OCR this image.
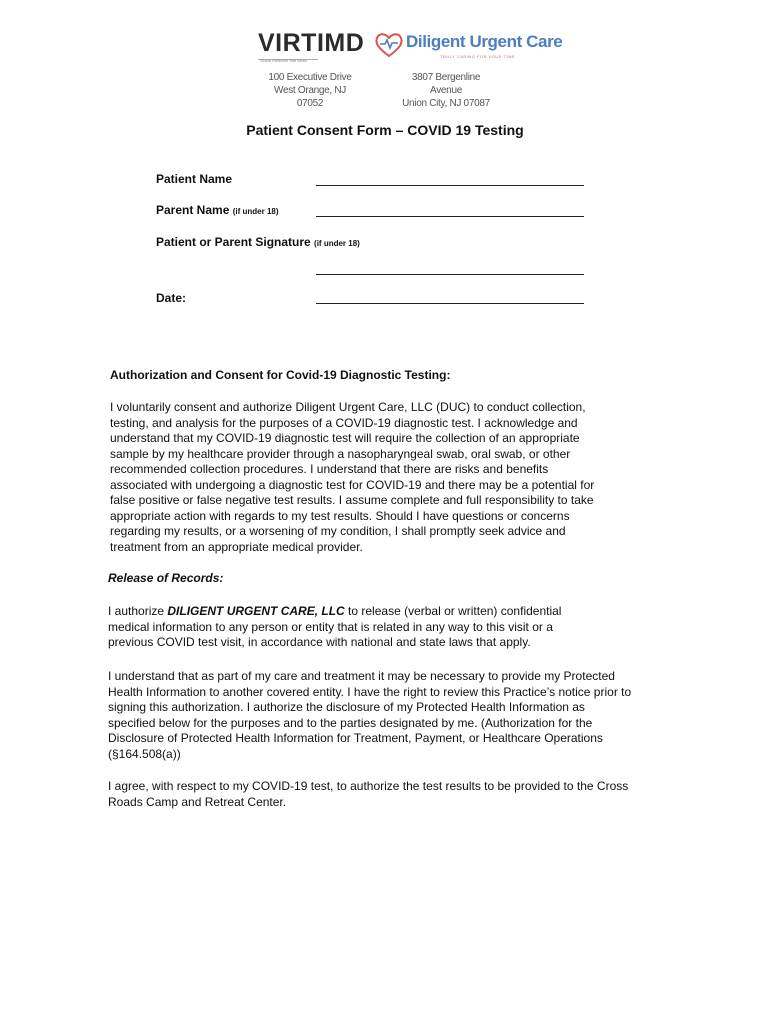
VIRTIMD
Virtual medicine that cares
100 Executive Drive
West Orange, NJ 07052
Diligent Urgent Care
TRULY CARING FOR YOUR TIME
3807 Bergenline Avenue
Union City, NJ 07087
Patient Consent Form – COVID 19 Testing
Patient Name
Parent Name (if under 18)
Patient or Parent Signature (if under 18)
Date:
Authorization and Consent for Covid-19 Diagnostic Testing:
I voluntarily consent and authorize Diligent Urgent Care, LLC (DUC) to conduct collection,
testing, and analysis for the purposes of a COVID-19 diagnostic test. I acknowledge and
understand that my COVID-19 diagnostic test will require the collection of an appropriate
sample by my healthcare provider through a nasopharyngeal swab, oral swab, or other
recommended collection procedures. I understand that there are risks and benefits
associated with undergoing a diagnostic test for COVID-19 and there may be a potential for
false positive or false negative test results. I assume complete and full responsibility to take
appropriate action with regards to my test results. Should I have questions or concerns
regarding my results, or a worsening of my condition, I shall promptly seek advice and
treatment from an appropriate medical provider.
Release of Records:
I authorize DILIGENT URGENT CARE, LLC to release (verbal or written) confidential
medical information to any person or entity that is related in any way to this visit or a
previous COVID test visit, in accordance with national and state laws that apply.
I understand that as part of my care and treatment it may be necessary to provide my Protected
Health Information to another covered entity. I have the right to review this Practice’s notice prior to
signing this authorization. I authorize the disclosure of my Protected Health Information as
specified below for the purposes and to the parties designated by me. (Authorization for the
Disclosure of Protected Health Information for Treatment, Payment, or Healthcare Operations
(§164.508(a))
I agree, with respect to my COVID-19 test, to authorize the test results to be provided to the Cross
Roads Camp and Retreat Center.
